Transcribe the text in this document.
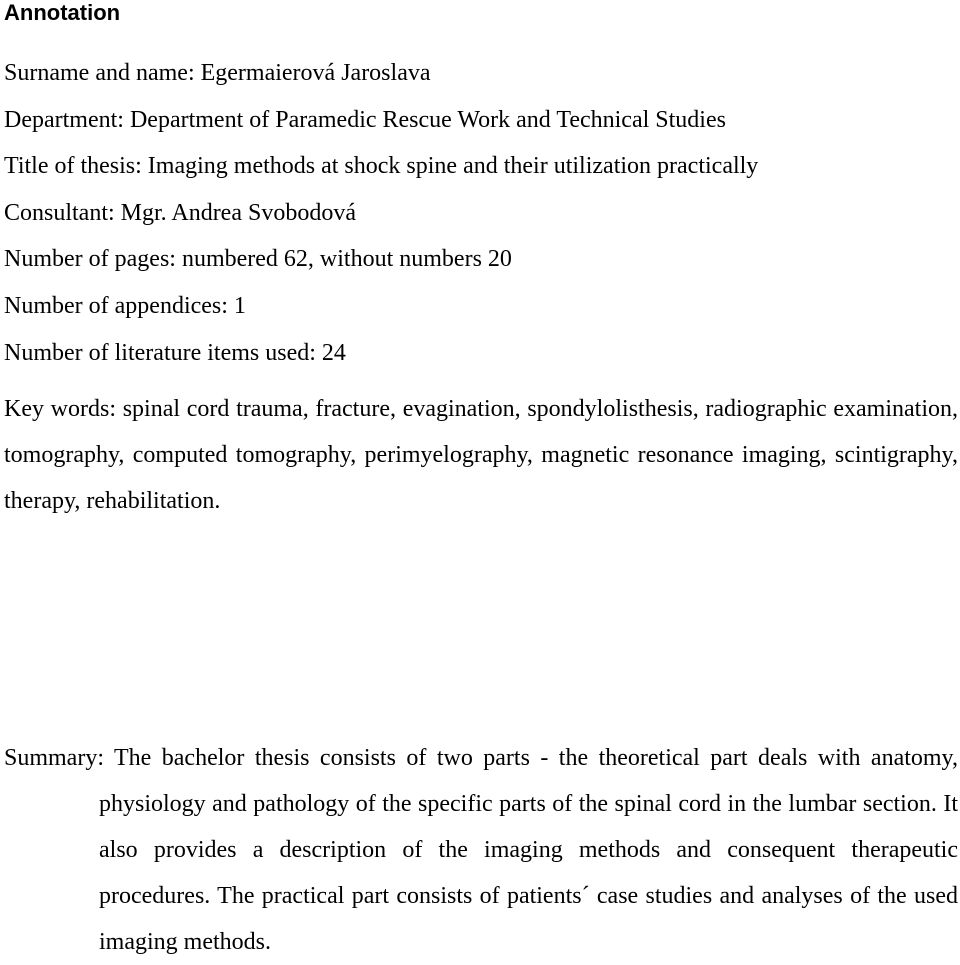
Annotation

Surname and name: Egermaierová Jaroslava

Department: Department of Paramedic Rescue Work and Technical Studies

Title of thesis: Imaging methods at shock spine and their utilization practically

Consultant: Mgr. Andrea Svobodová

Number of pages: numbered 62, without numbers 20

Number of appendices: 1

Number of literature items used: 24

Key words: spinal cord trauma, fracture, evagination, spondylolisthesis, radiographic examination, tomography, computed tomography, perimyelography, magnetic resonance imaging, scintigraphy, therapy, rehabilitation.

Summary: The bachelor thesis consists of two parts - the theoretical part deals with anatomy, physiology and pathology of the specific parts of the spinal cord in the lumbar section. It also provides a description of the imaging methods and consequent therapeutic procedures. The practical part consists of patients´ case studies and analyses of the used imaging methods.
